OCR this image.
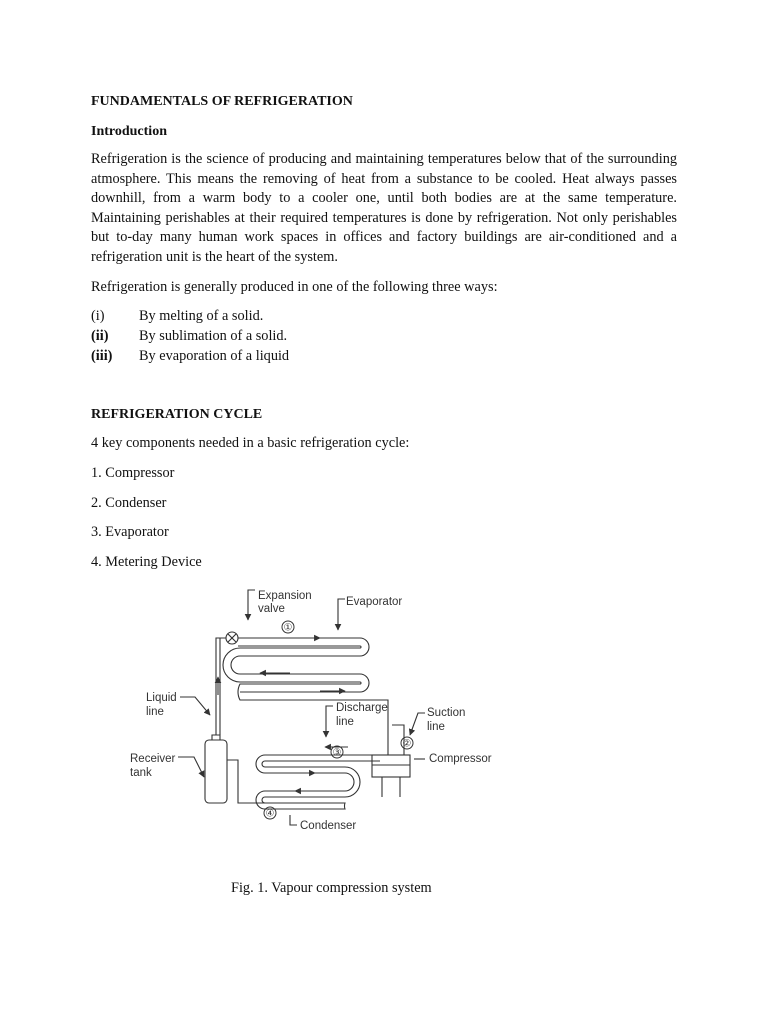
FUNDAMENTALS OF REFRIGERATION
Introduction

Refrigeration is the science of producing and maintaining temperatures below that of the surrounding atmosphere. This means the removing of heat from a substance to be cooled. Heat always passes downhill, from a warm body to a cooler one, until both bodies are at the same temperature. Maintaining perishables at their required temperatures is done by refrigeration. Not only perishables but to-day many human work spaces in offices and factory buildings are air-conditioned and a refrigeration unit is the heart of the system.

Refrigeration is generally produced in one of the following three ways:

(i)	By melting of a solid.
(ii)	By sublimation of a solid.
(iii)	By evaporation of a liquid
REFRIGERATION CYCLE

4 key components needed in a basic refrigeration cycle:

1. Compressor

2. Condenser

3. Evaporator

4. Metering Device

Expansion
valve
Evaporator
Liquid
line	Discharge
line
Suction
line
Receiver
tank
Compressor
Condenser
①
②
③
④

Fig. 1. Vapour compression system
